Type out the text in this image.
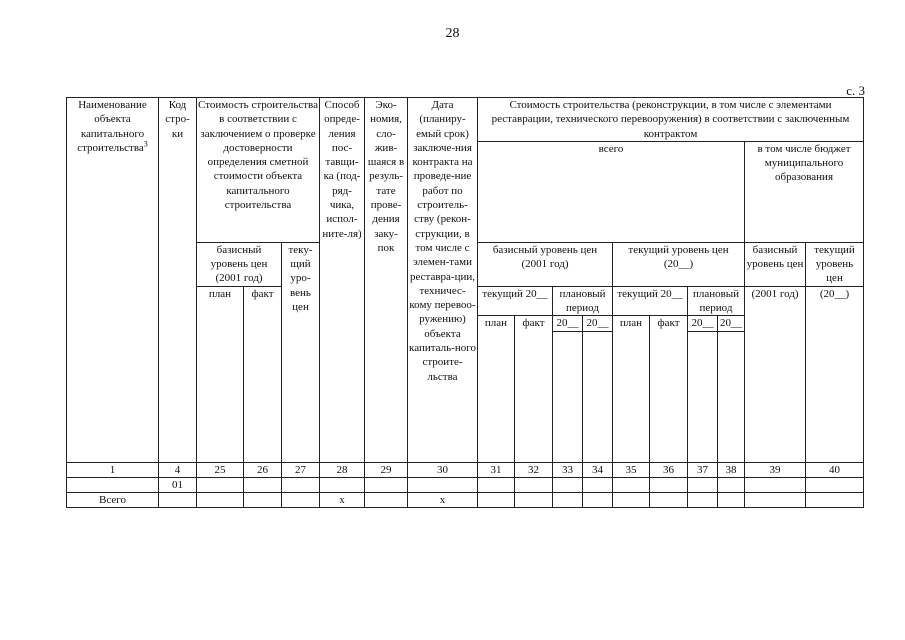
28
с. 3
Наименование объекта капитального строительства$^3$	Код стро-ки	Стоимость строительства в соответствии с заключением о проверке достоверности определения сметной стоимости объекта капитального строительства			Способ опреде-ления пос-тавщи-ка (под-ряд-чика, испол-ните-ля)	Эко-номия, сло-жив-шаяся в резуль-тате прове-дения заку-пок	Дата (планиру-емый срок) заключе-ния контракта на проведе-ние работ по строитель-ству (рекон-струкции, в том числе с элемен-тами реставра-ции, техничес-кому перевоо-ружению) объекта капиталь-ного строите-льства	Стоимость строительства (реконструкции, в том числе с элементами реставрации, технического перевооружения) в соответствии с заключенным контрактом									
								всего								в том числе бюджет муниципального образования	

		базисный уровень цен (2001 год)		теку-щий уро-вень цен				базисный уровень цен (2001 год)				текущий уровень цен (20__)				базисный уровень цен	текущий уровень цен

		план	факт													(2001 год)	(20__)
								текущий 20__		плановый период		текущий 20__		плановый период			
								план	факт	20__	20__	план	факт	20__	20__		

1	4	25	26	27	28	29	30	31	32	33	34	35	36	37	38	39	40
	01																
Всего					x		x										
